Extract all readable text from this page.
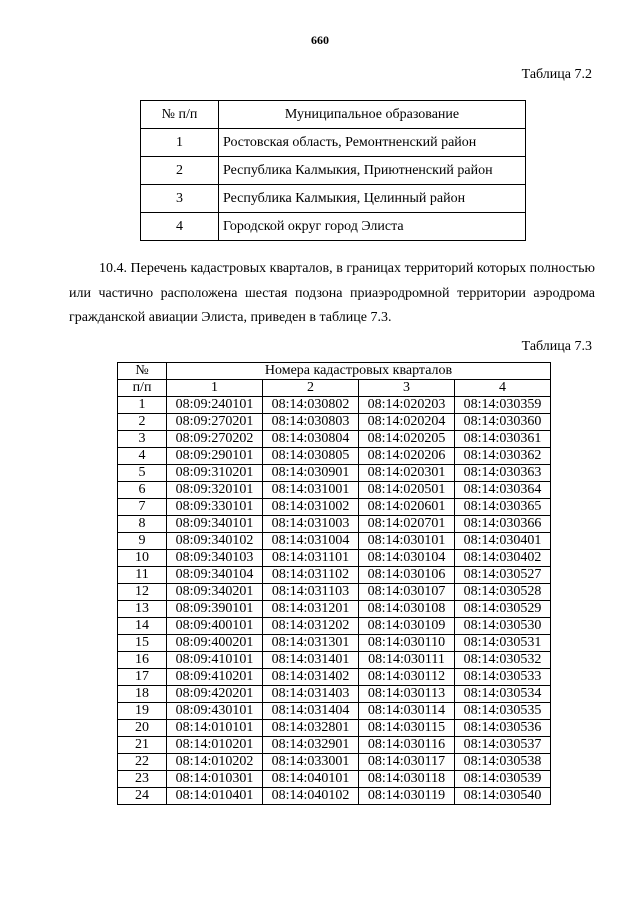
660
Таблица 7.2
№ п/п	Муниципальное образование
1	Ростовская область, Ремонтненский район
2	Республика Калмыкия, Приютненский район
3	Республика Калмыкия, Целинный район
4	Городской округ город Элиста
10.4. Перечень кадастровых кварталов, в границах территорий которых полностью или частично расположена шестая подзона приаэродромной территории аэродрома гражданской авиации Элиста, приведен в таблице 7.3.
Таблица 7.3
№	Номера кадастровых кварталов			
п/п	1	2	3	4
1	08:09:240101	08:14:030802	08:14:020203	08:14:030359
2	08:09:270201	08:14:030803	08:14:020204	08:14:030360
3	08:09:270202	08:14:030804	08:14:020205	08:14:030361
4	08:09:290101	08:14:030805	08:14:020206	08:14:030362
5	08:09:310201	08:14:030901	08:14:020301	08:14:030363
6	08:09:320101	08:14:031001	08:14:020501	08:14:030364
7	08:09:330101	08:14:031002	08:14:020601	08:14:030365
8	08:09:340101	08:14:031003	08:14:020701	08:14:030366
9	08:09:340102	08:14:031004	08:14:030101	08:14:030401
10	08:09:340103	08:14:031101	08:14:030104	08:14:030402
11	08:09:340104	08:14:031102	08:14:030106	08:14:030527
12	08:09:340201	08:14:031103	08:14:030107	08:14:030528
13	08:09:390101	08:14:031201	08:14:030108	08:14:030529
14	08:09:400101	08:14:031202	08:14:030109	08:14:030530
15	08:09:400201	08:14:031301	08:14:030110	08:14:030531
16	08:09:410101	08:14:031401	08:14:030111	08:14:030532
17	08:09:410201	08:14:031402	08:14:030112	08:14:030533
18	08:09:420201	08:14:031403	08:14:030113	08:14:030534
19	08:09:430101	08:14:031404	08:14:030114	08:14:030535
20	08:14:010101	08:14:032801	08:14:030115	08:14:030536
21	08:14:010201	08:14:032901	08:14:030116	08:14:030537
22	08:14:010202	08:14:033001	08:14:030117	08:14:030538
23	08:14:010301	08:14:040101	08:14:030118	08:14:030539
24	08:14:010401	08:14:040102	08:14:030119	08:14:030540
